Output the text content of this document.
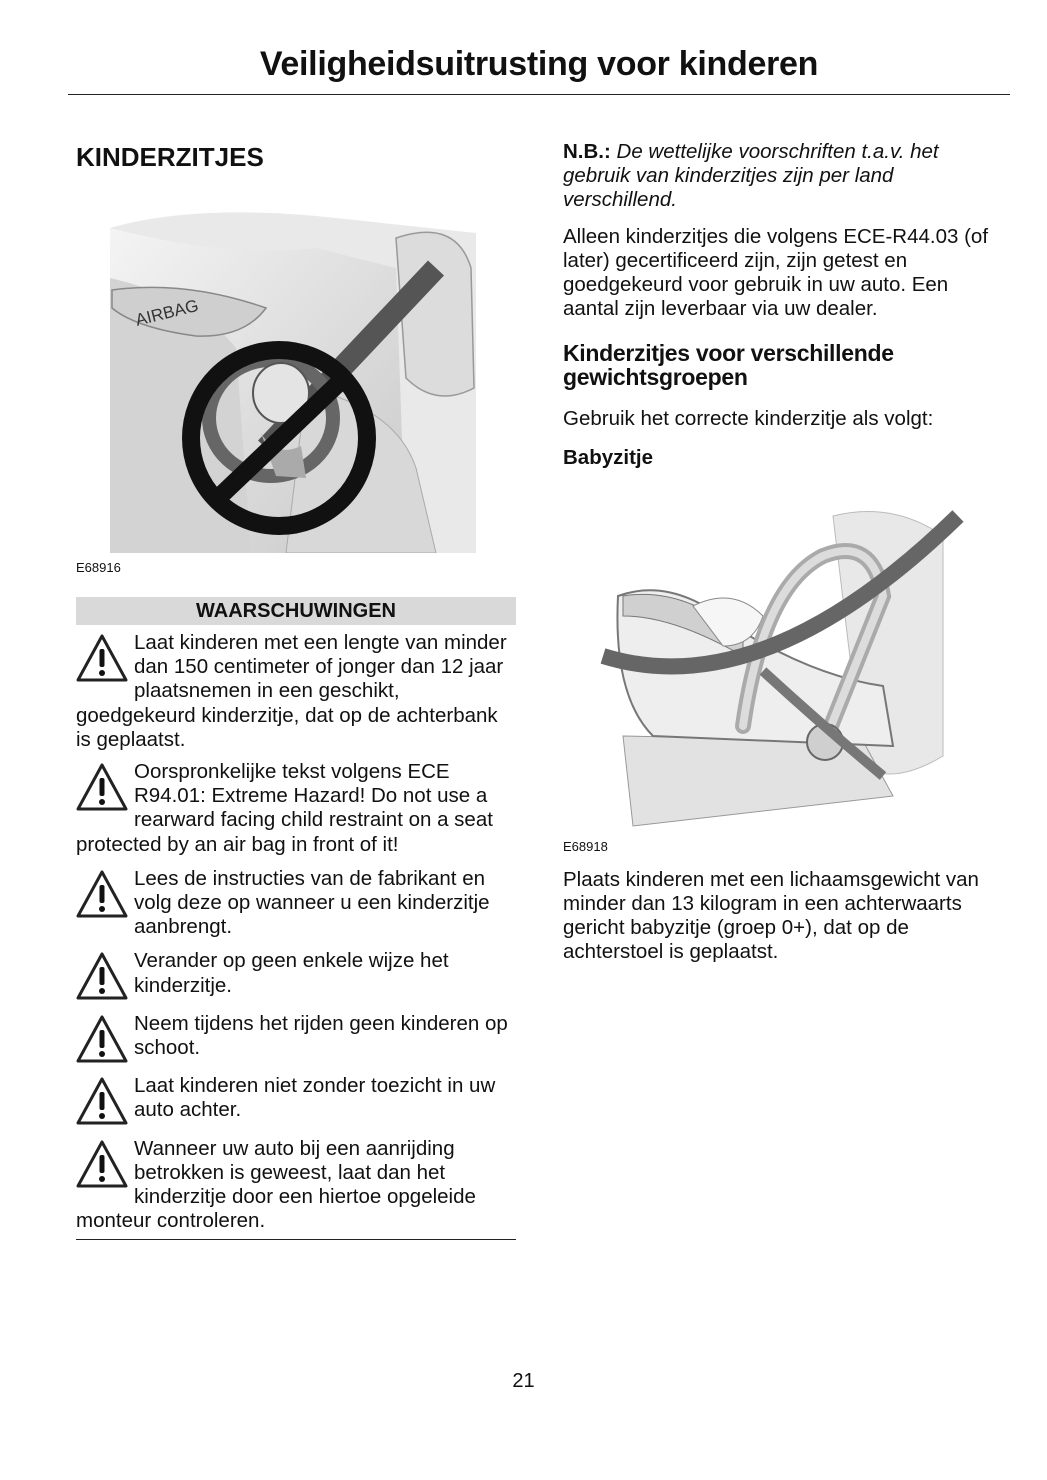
Veiligheidsuitrusting voor kinderen
KINDERZITJES
AIRBAG
E68916
WAARSCHUWINGEN
Laat kinderen met een lengte van minder dan 150 centimeter of jonger dan 12 jaar plaatsnemen in een geschikt, goedgekeurd kinderzitje, dat op de achterbank is geplaatst.
Oorspronkelijke tekst volgens ECE R94.01: Extreme Hazard! Do not use a rearward facing child restraint on a seat protected by an air bag in front of it!
Lees de instructies van de fabrikant en volg deze op wanneer u een kinderzitje aanbrengt.
Verander op geen enkele wijze het kinderzitje.
Neem tijdens het rijden geen kinderen op schoot.
Laat kinderen niet zonder toezicht in uw auto achter.
Wanneer uw auto bij een aanrijding betrokken is geweest, laat dan het kinderzitje door een hiertoe opgeleide monteur controleren.

N.B.: De wettelijke voorschriften t.a.v. het gebruik van kinderzitjes zijn per land verschillend.

Alleen kinderzitjes die volgens ECE-R44.03 (of later) gecertificeerd zijn, zijn getest en goedgekeurd voor gebruik in uw auto. Een aantal zijn leverbaar via uw dealer.

Kinderzitjes voor verschillende gewichtsgroepen

Gebruik het correcte kinderzitje als volgt:

Babyzitje
E68918

Plaats kinderen met een lichaamsgewicht van minder dan 13 kilogram in een achterwaarts gericht babyzitje (groep 0+), dat op de achterstoel is geplaatst.

21
